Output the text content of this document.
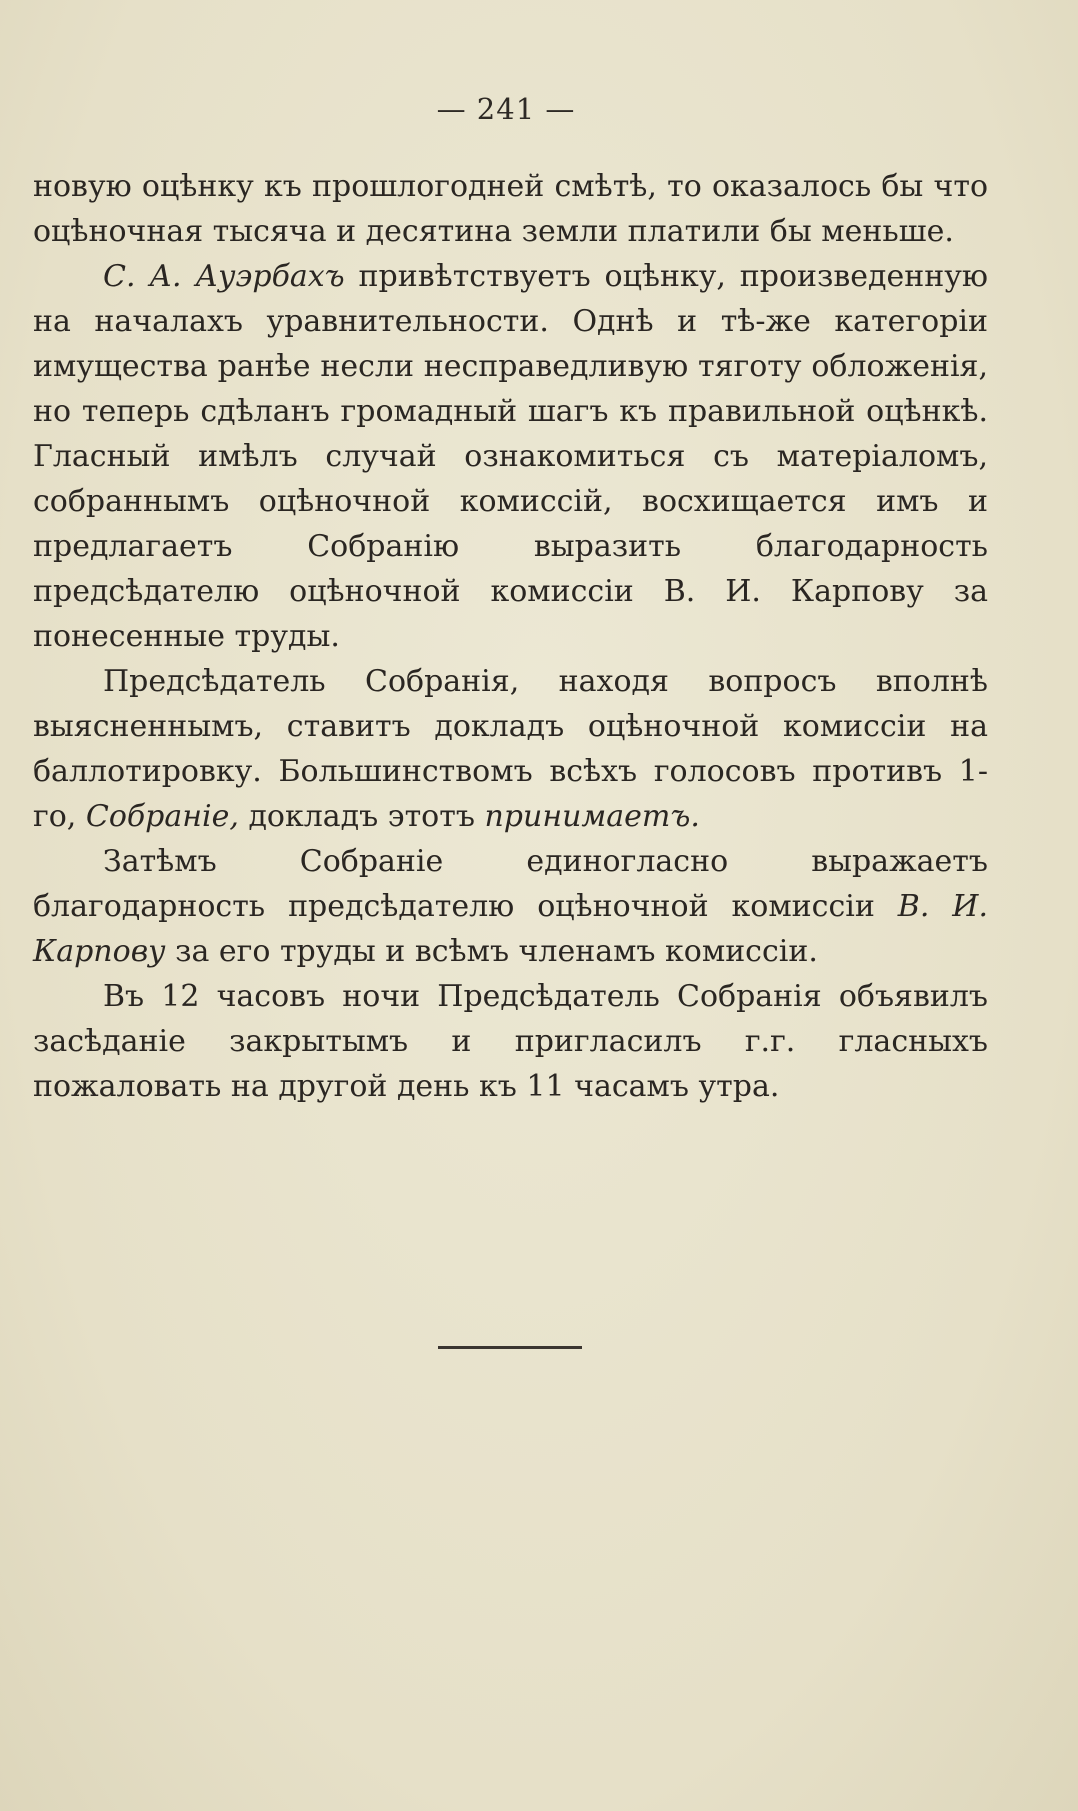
— 241 —

новую оцѣнку къ прошлогодней смѣтѣ, то оказалось бы что оцѣночная тысяча и десятина земли платили бы меньше.

С. А. Ауэрбахъ привѣтствуетъ оцѣнку, произведенную на началахъ уравнительности. Однѣ и тѣ-же категоріи имущества ранѣе несли несправедливую тяготу обложенія, но теперь сдѣланъ громадный шагъ къ правильной оцѣнкѣ. Гласный имѣлъ случай ознакомиться съ матеріаломъ, собраннымъ оцѣночной комиссій, восхищается имъ и предлагаетъ Собранію выразить благодарность предсѣдателю оцѣночной комиссіи В. И. Карпову за понесенные труды.

Предсѣдатель Собранія, находя вопросъ вполнѣ выясненнымъ, ставитъ докладъ оцѣночной комиссіи на баллотировку. Большинствомъ всѣхъ голосовъ противъ 1-го, Собраніе, докладъ этотъ принимаетъ.

Затѣмъ Собраніе единогласно выражаетъ благодарность предсѣдателю оцѣночной комиссіи В. И. Карпову за его труды и всѣмъ членамъ комиссіи.

Въ 12 часовъ ночи Предсѣдатель Собранія объявилъ засѣданіе закрытымъ и пригласилъ г.г. гласныхъ пожаловать на другой день къ 11 часамъ утра.
